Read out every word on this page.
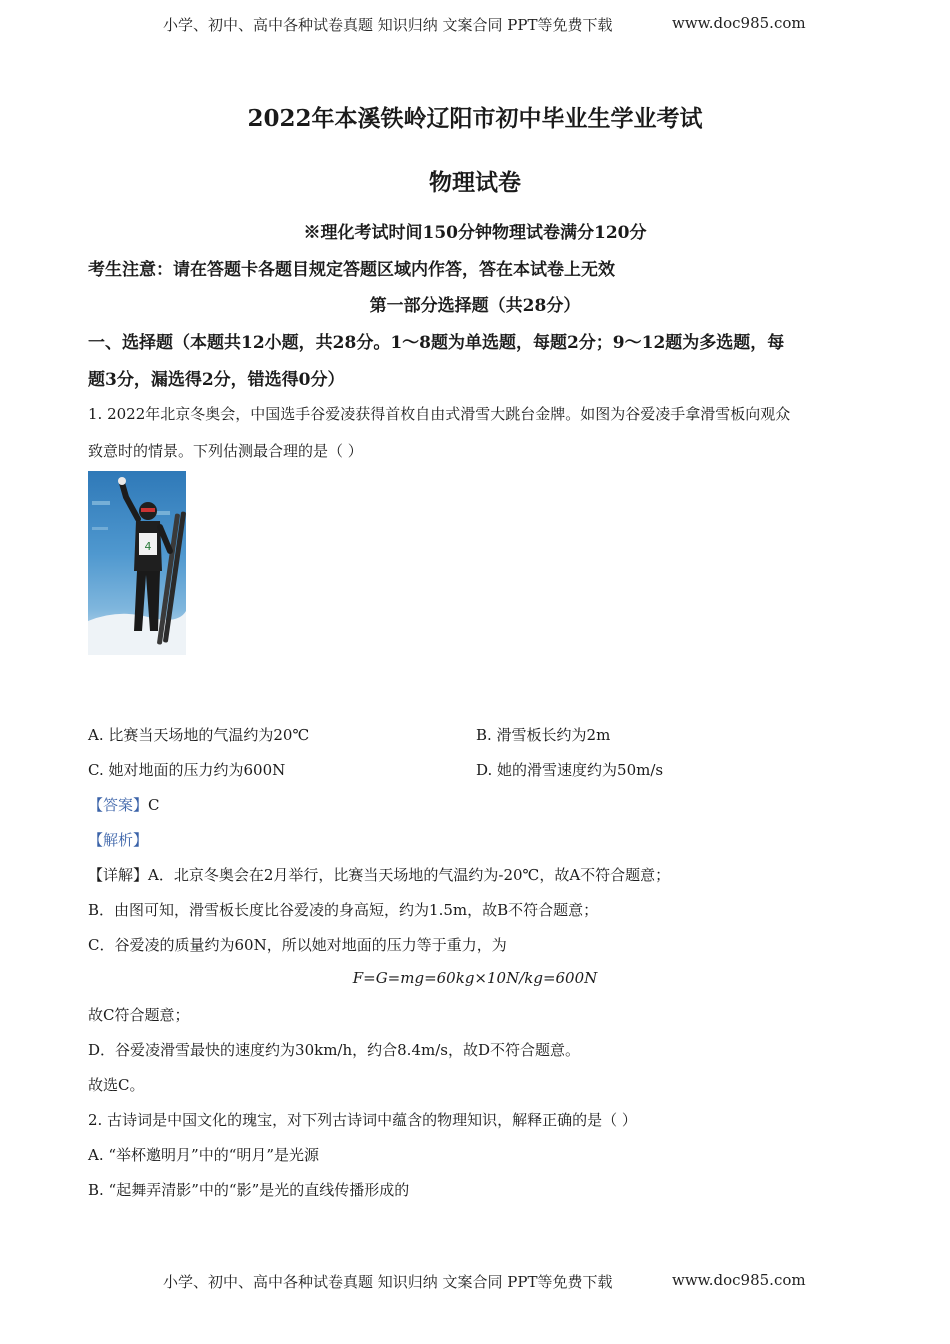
小学、初中、高中各种试卷真题 知识归纳 文案合同 PPT等免费下载	www.doc985.com
2022年本溪铁岭辽阳市初中毕业生学业考试
物理试卷
※理化考试时间150分钟物理试卷满分120分
考生注意：请在答题卡各题目规定答题区域内作答，答在本试卷上无效
第一部分选择题（共28分）
一、选择题（本题共12小题，共28分。1～8题为单选题，每题2分；9～12题为多选题，每
题3分，漏选得2分，错选得0分）
1. 2022年北京冬奥会，中国选手谷爱凌获得首枚自由式滑雪大跳台金牌。如图为谷爱凌手拿滑雪板向观众
致意时的情景。下列估测最合理的是（ ）
4
A. 比赛当天场地的气温约为20℃	B. 滑雪板长约为2m
C. 她对地面的压力约为600N	D. 她的滑雪速度约为50m/s
【答案】C
【解析】
【详解】A．北京冬奥会在2月举行，比赛当天场地的气温约为-20℃，故A不符合题意；
B．由图可知，滑雪板长度比谷爱凌的身高短，约为1.5m，故B不符合题意；
C．谷爱凌的质量约为60N，所以她对地面的压力等于重力，为
F=G=mg=60kg×10N/kg=600N
故C符合题意；
D．谷爱凌滑雪最快的速度约为30km/h，约合8.4m/s，故D不符合题意。
故选C。
2. 古诗词是中国文化的瑰宝，对下列古诗词中蕴含的物理知识，解释正确的是（ ）
A. “举杯邀明月”中的“明月”是光源
B. “起舞弄清影”中的“影”是光的直线传播形成的
小学、初中、高中各种试卷真题 知识归纳 文案合同 PPT等免费下载	www.doc985.com
